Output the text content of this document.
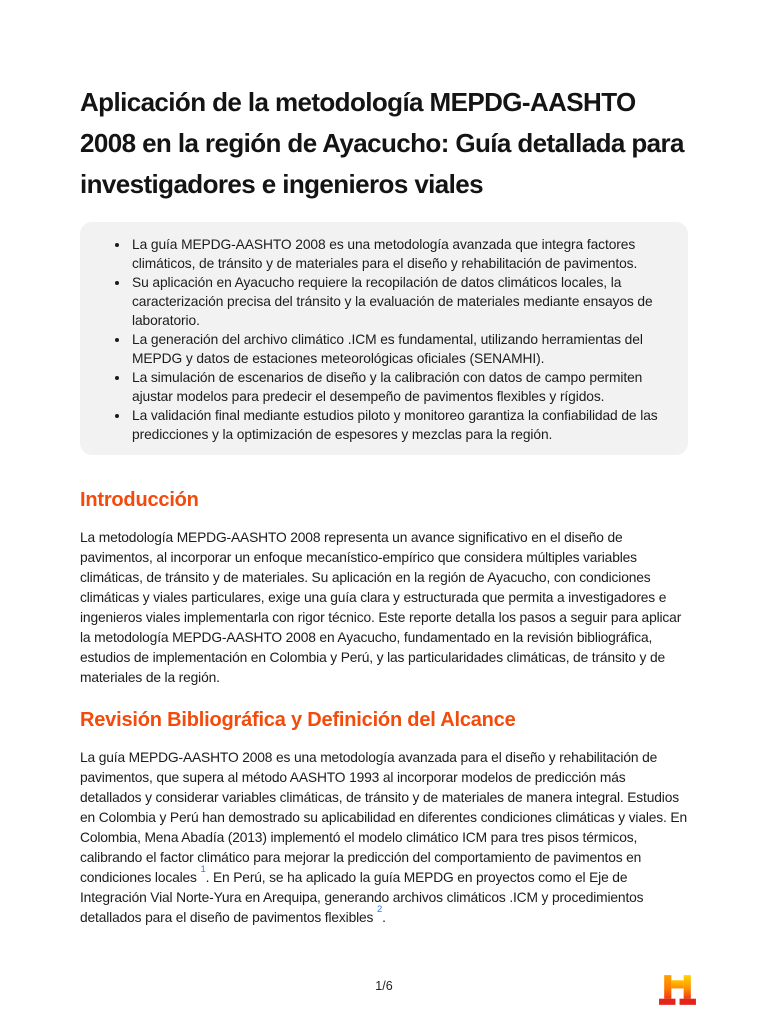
Aplicación de la metodología MEPDG-AASHTO 2008 en la región de Ayacucho: Guía detallada para investigadores e ingenieros viales
• La guía MEPDG-AASHTO 2008 es una metodología avanzada que integra factores climáticos, de tránsito y de materiales para el diseño y rehabilitación de pavimentos.
• Su aplicación en Ayacucho requiere la recopilación de datos climáticos locales, la caracterización precisa del tránsito y la evaluación de materiales mediante ensayos de laboratorio.
• La generación del archivo climático .ICM es fundamental, utilizando herramientas del MEPDG y datos de estaciones meteorológicas oficiales (SENAMHI).
• La simulación de escenarios de diseño y la calibración con datos de campo permiten ajustar modelos para predecir el desempeño de pavimentos flexibles y rígidos.
• La validación final mediante estudios piloto y monitoreo garantiza la confiabilidad de las predicciones y la optimización de espesores y mezclas para la región.
Introducción

La metodología MEPDG-AASHTO 2008 representa un avance significativo en el diseño de pavimentos, al incorporar un enfoque mecanístico-empírico que considera múltiples variables climáticas, de tránsito y de materiales. Su aplicación en la región de Ayacucho, con condiciones climáticas y viales particulares, exige una guía clara y estructurada que permita a investigadores e ingenieros viales implementarla con rigor técnico. Este reporte detalla los pasos a seguir para aplicar la metodología MEPDG-AASHTO 2008 en Ayacucho, fundamentado en la revisión bibliográfica, estudios de implementación en Colombia y Perú, y las particularidades climáticas, de tránsito y de materiales de la región.

Revisión Bibliográfica y Definición del Alcance

La guía MEPDG-AASHTO 2008 es una metodología avanzada para el diseño y rehabilitación de pavimentos, que supera al método AASHTO 1993 al incorporar modelos de predicción más detallados y considerar variables climáticas, de tránsito y de materiales de manera integral. Estudios en Colombia y Perú han demostrado su aplicabilidad en diferentes condiciones climáticas y viales. En Colombia, Mena Abadía (2013) implementó el modelo climático ICM para tres pisos térmicos, calibrando el factor climático para mejorar la predicción del comportamiento de pavimentos en condiciones locales $^1$. En Perú, se ha aplicado la guía MEPDG en proyectos como el Eje de Integración Vial Norte-Yura en Arequipa, generando archivos climáticos .ICM y procedimientos detallados para el diseño de pavimentos flexibles $^2$.

1/6
